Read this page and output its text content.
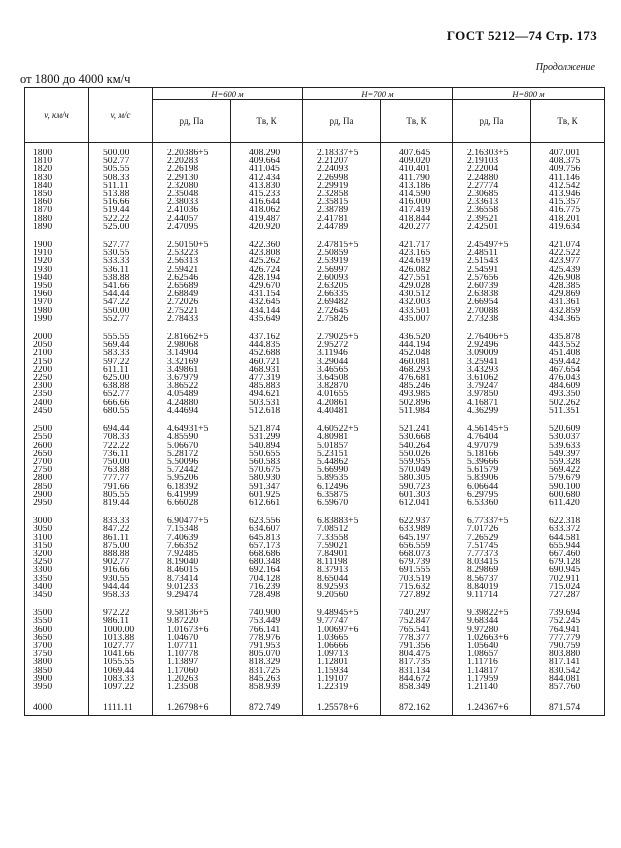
ГОСТ 5212—74 Стр. 173
Продолжение
от 1800 до 4000 км/ч
v, км/ч	v, м/с	H=600 м		H=700 м		H=800 м	
		pд, Па	Tв, К	pд, Па	Tв, К	pд, Па	Tв, К

1800	500.00	2.20386+5	408.290	2.18337+5	407.645	2.16303+5	407.001
1810	502.77	2.20283	409.664	2.21207	409.020	2.19103	408.375
1820	505.55	2.26198	411.045	2.24093	410.401	2.22004	409.756
1830	508.33	2.29130	412.434	2.26998	411.790	2.24880	411.146
1840	511.11	2.32080	413.830	2.29919	413.186	2.27774	412.542
1850	513.88	2.35048	415.233	2.32858	414.590	2.30685	413.946
1860	516.66	2.38033	416.644	2.35815	416.000	2.33613	415.357
1870	519.44	2.41036	418.062	2.38789	417.419	2.36558	416.775
1880	522.22	2.44057	419.487	2.41781	418.844	2.39521	418.201
1890	525.00	2.47095	420.920	2.44789	420.277	2.42501	419.634

1900	527.77	2.50150+5	422.360	2.47815+5	421.717	2.45497+5	421.074
1910	530.55	2.53223	423.808	2.50859	423.165	2.48511	422.522
1920	533.33	2.56313	425.262	2.53919	424.619	2.51543	423.977
1930	536.11	2.59421	426.724	2.56997	426.082	2.54591	425.439
1940	538.88	2.62546	428.194	2.60093	427.551	2.57656	426.908
1950	541.66	2.65689	429.670	2.63205	429.028	2.60739	428.385
1960	544.44	2.68849	431.154	2.66335	430.512	2.63838	429.869
1970	547.22	2.72026	432.645	2.69482	432.003	2.66954	431.361
1980	550.00	2.75221	434.144	2.72645	433.501	2.70088	432.859
1990	552.77	2.78433	435.649	2.75826	435.007	2.73238	434.365

2000	555.55	2.81662+5	437.162	2.79025+5	436.520	2.76406+5	435.878
2050	569.44	2.98068	444.835	2.95272	444.194	2.92496	443.552
2100	583.33	3.14904	452.688	3.11946	452.048	3.09009	451.408
2150	597.22	3.32169	460.721	3.29044	460.081	3.25941	459.442
2200	611.11	3.49861	468.931	3.46565	468.293	3.43293	467.654
2250	625.00	3.67979	477.319	3.64508	476.681	3.61062	476.043
2300	638.88	3.86522	485.883	3.82870	485.246	3.79247	484.609
2350	652.77	4.05489	494.621	4.01655	493.985	3.97850	493.350
2400	666.66	4.24880	503.531	4.20861	502.896	4.16871	502.262
2450	680.55	4.44694	512.618	4.40481	511.984	4.36299	511.351

2500	694.44	4.64931+5	521.874	4.60522+5	521.241	4.56145+5	520.609
2550	708.33	4.85590	531.299	4.80981	530.668	4.76404	530.037
2600	722.22	5.06670	540.894	5.01857	540.264	4.97079	539.633
2650	736.11	5.28172	550.655	5.23151	550.026	5.18166	549.397
2700	750.00	5.50096	560.583	5.44862	559.955	5.39666	559.328
2750	763.88	5.72442	570.675	5.66990	570.049	5.61579	569.422
2800	777.77	5.95206	580.930	5.89535	580.305	5.83906	579.679
2850	791.66	6.18392	591.347	6.12496	590.723	6.06644	590.100
2900	805.55	6.41999	601.925	6.35875	601.303	6.29795	600.680
2950	819.44	6.66028	612.661	6.59670	612.041	6.53360	611.420

3000	833.33	6.90477+5	623.556	6.83883+5	622.937	6.77337+5	622.318
3050	847.22	7.15348	634.607	7.08512	633.989	7.01726	633.372
3100	861.11	7.40639	645.813	7.33558	645.197	7.26529	644.581
3150	875.00	7.66352	657.173	7.59021	656.559	7.51745	655.944
3200	888.88	7.92485	668.686	7.84901	668.073	7.77373	667.460
3250	902.77	8.19040	680.348	8.11198	679.739	8.03415	679.128
3300	916.66	8.46015	692.164	8.37913	691.555	8.29869	690.945
3350	930.55	8.73414	704.128	8.65044	703.519	8.56737	702.911
3400	944.44	9.01233	716.239	8.92593	715.632	8.84019	715.024
3450	958.33	9.29474	728.498	9.20560	727.892	9.11714	727.287

3500	972.22	9.58136+5	740.900	9.48945+5	740.297	9.39822+5	739.694
3550	986.11	9.87220	753.449	9.77747	752.847	9.68344	752.245
3600	1000.00	1.01673+6	766.141	1.00697+6	765.541	9.97280	764.941
3650	1013.88	1.04670	778.976	1.03665	778.377	1.02663+6	777.779
3700	1027.77	1.07711	791.953	1.06666	791.356	1.05640	790.759
3750	1041.66	1.10778	805.070	1.09713	804.475	1.08657	803.880
3800	1055.55	1.13897	818.329	1.12801	817.735	1.11716	817.141
3850	1069.44	1.17060	831.725	1.15934	831.134	1.14817	830.542
3900	1083.33	1.20263	845.263	1.19107	844.672	1.17959	844.081
3950	1097.22	1.23508	858.939	1.22319	858.349	1.21140	857.760

4000	1111.11	1.26798+6	872.749	1.25578+6	872.162	1.24367+6	871.574
